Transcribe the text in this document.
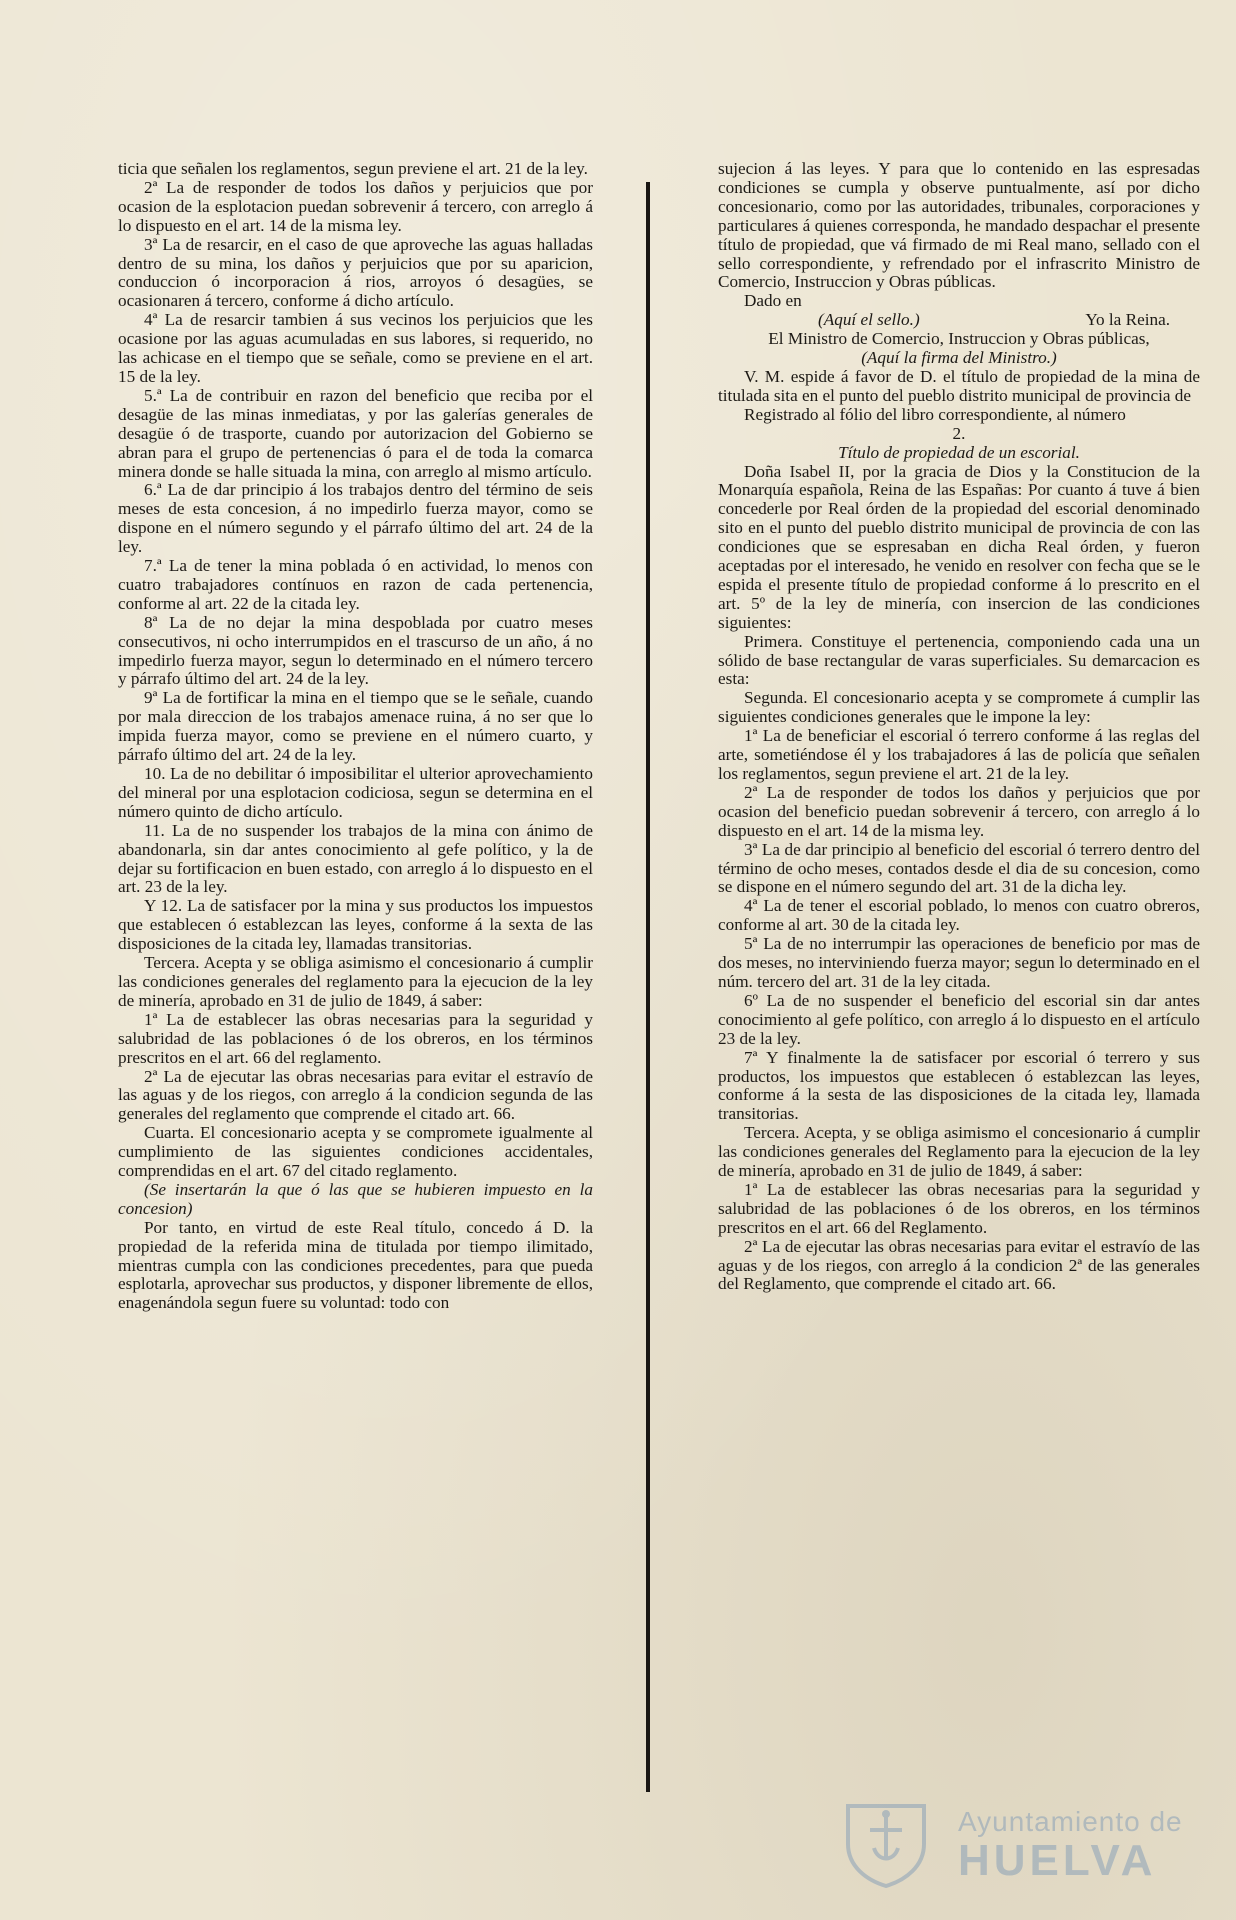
ticia que señalen los reglamentos, segun previene el art. 21 de la ley.

2ª La de responder de todos los daños y perjuicios que por ocasion de la esplotacion puedan sobrevenir á tercero, con arreglo á lo dispuesto en el art. 14 de la misma ley.

3ª La de resarcir, en el caso de que aproveche las aguas halladas dentro de su mina, los daños y perjuicios que por su aparicion, conduccion ó incorporacion á rios, arroyos ó desagües, se ocasionaren á tercero, conforme á dicho artículo.

4ª La de resarcir tambien á sus vecinos los perjuicios que les ocasione por las aguas acumuladas en sus labores, si requerido, no las achicase en el tiempo que se señale, como se previene en el art. 15 de la ley.

5.ª La de contribuir en razon del beneficio que reciba por el desagüe de las minas inmediatas, y por las galerías generales de desagüe ó de trasporte, cuando por autorizacion del Gobierno se abran para el grupo de pertenencias ó para el de toda la comarca minera donde se halle situada la mina, con arreglo al mismo artículo.

6.ª La de dar principio á los trabajos dentro del término de seis meses de esta concesion, á no impedirlo fuerza mayor, como se dispone en el número segundo y el párrafo último del art. 24 de la ley.

7.ª La de tener la mina poblada ó en actividad, lo menos con cuatro trabajadores contínuos en razon de cada pertenencia, conforme al art. 22 de la citada ley.

8ª La de no dejar la mina despoblada por cuatro meses consecutivos, ni ocho interrumpidos en el trascurso de un año, á no impedirlo fuerza mayor, segun lo determinado en el número tercero y párrafo último del art. 24 de la ley.

9ª La de fortificar la mina en el tiempo que se le señale, cuando por mala direccion de los trabajos amenace ruina, á no ser que lo impida fuerza mayor, como se previene en el número cuarto, y párrafo último del art. 24 de la ley.

10. La de no debilitar ó imposibilitar el ulterior aprovechamiento del mineral por una esplotacion codiciosa, segun se determina en el número quinto de dicho artículo.

11. La de no suspender los trabajos de la mina con ánimo de abandonarla, sin dar antes conocimiento al gefe político, y la de dejar su fortificacion en buen estado, con arreglo á lo dispuesto en el art. 23 de la ley.

Y 12. La de satisfacer por la mina y sus productos los impuestos que establecen ó establezcan las leyes, conforme á la sexta de las disposiciones de la citada ley, llamadas transitorias.

Tercera. Acepta y se obliga asimismo el concesionario á cumplir las condiciones generales del reglamento para la ejecucion de la ley de minería, aprobado en 31 de julio de 1849, á saber:

1ª La de establecer las obras necesarias para la seguridad y salubridad de las poblaciones ó de los obreros, en los términos prescritos en el art. 66 del reglamento.

2ª La de ejecutar las obras necesarias para evitar el estravío de las aguas y de los riegos, con arreglo á la condicion segunda de las generales del reglamento que comprende el citado art. 66.

Cuarta. El concesionario acepta y se compromete igualmente al cumplimiento de las siguientes condiciones accidentales, comprendidas en el art. 67 del citado reglamento.

(Se insertarán la que ó las que se hubieren impuesto en la concesion)

Por tanto, en virtud de este Real título, concedo á D. la propiedad de la referida mina de titulada por tiempo ilimitado, mientras cumpla con las condiciones precedentes, para que pueda esplotarla, aprovechar sus productos, y disponer libremente de ellos, enagenándola segun fuere su voluntad: todo con

sujecion á las leyes. Y para que lo contenido en las espresadas condiciones se cumpla y observe puntualmente, así por dicho concesionario, como por las autoridades, tribunales, corporaciones y particulares á quienes corresponda, he mandado despachar el presente título de propiedad, que vá firmado de mi Real mano, sellado con el sello correspondiente, y refrendado por el infrascrito Ministro de Comercio, Instruccion y Obras públicas.

Dado en

(Aquí el sello.)	Yo la Reina.

El Ministro de Comercio, Instruccion y Obras públicas,

(Aquí la firma del Ministro.)

V. M. espide á favor de D. el título de propiedad de la mina de titulada sita en el punto del pueblo distrito municipal de provincia de

Registrado al fólio del libro correspondiente, al número

2.

Título de propiedad de un escorial.

Doña Isabel II, por la gracia de Dios y la Constitucion de la Monarquía española, Reina de las Españas: Por cuanto á tuve á bien concederle por Real órden de la propiedad del escorial denominado sito en el punto del pueblo distrito municipal de provincia de con las condiciones que se espresaban en dicha Real órden, y fueron aceptadas por el interesado, he venido en resolver con fecha que se le espida el presente título de propiedad conforme á lo prescrito en el art. 5º de la ley de minería, con insercion de las condiciones siguientes:

Primera. Constituye el pertenencia, componiendo cada una un sólido de base rectangular de varas superficiales. Su demarcacion es esta:

Segunda. El concesionario acepta y se compromete á cumplir las siguientes condiciones generales que le impone la ley:

1ª La de beneficiar el escorial ó terrero conforme á las reglas del arte, sometiéndose él y los trabajadores á las de policía que señalen los reglamentos, segun previene el art. 21 de la ley.

2ª La de responder de todos los daños y perjuicios que por ocasion del beneficio puedan sobrevenir á tercero, con arreglo á lo dispuesto en el art. 14 de la misma ley.

3ª La de dar principio al beneficio del escorial ó terrero dentro del término de ocho meses, contados desde el dia de su concesion, como se dispone en el número segundo del art. 31 de la dicha ley.

4ª La de tener el escorial poblado, lo menos con cuatro obreros, conforme al art. 30 de la citada ley.

5ª La de no interrumpir las operaciones de beneficio por mas de dos meses, no interviniendo fuerza mayor; segun lo determinado en el núm. tercero del art. 31 de la ley citada.

6º La de no suspender el beneficio del escorial sin dar antes conocimiento al gefe político, con arreglo á lo dispuesto en el artículo 23 de la ley.

7ª Y finalmente la de satisfacer por escorial ó terrero y sus productos, los impuestos que establecen ó establezcan las leyes, conforme á la sesta de las disposiciones de la citada ley, llamada transitorias.

Tercera. Acepta, y se obliga asimismo el concesionario á cumplir las condiciones generales del Reglamento para la ejecucion de la ley de minería, aprobado en 31 de julio de 1849, á saber:

1ª La de establecer las obras necesarias para la seguridad y salubridad de las poblaciones ó de los obreros, en los términos prescritos en el art. 66 del Reglamento.

2ª La de ejecutar las obras necesarias para evitar el estravío de las aguas y de los riegos, con arreglo á la condicion 2ª de las generales del Reglamento, que comprende el citado art. 66.

Ayuntamiento de
HUELVA
